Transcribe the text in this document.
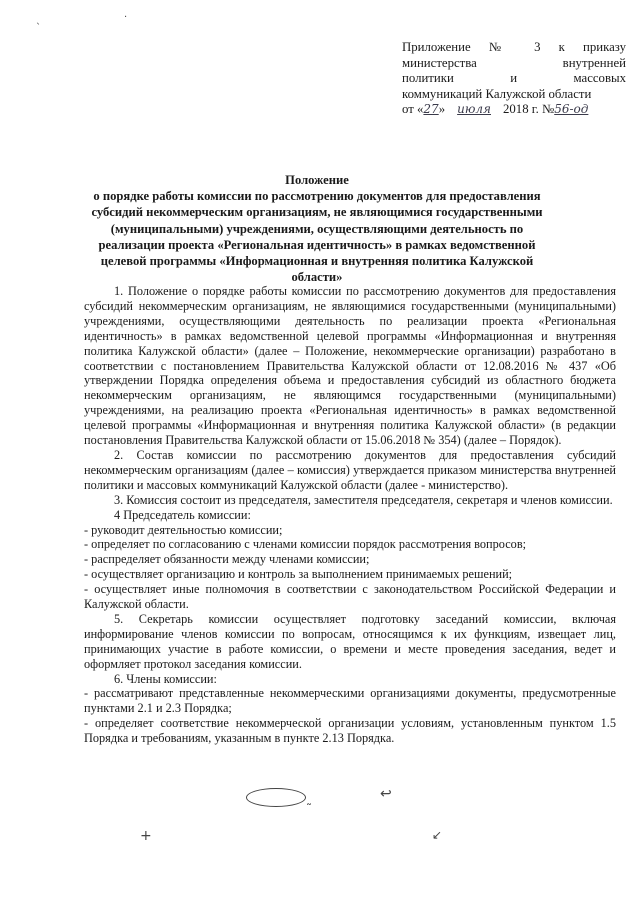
ˎ	·
Приложение № 3 к приказу
министерства внутренней
политики и массовых
коммуникаций Калужской области
от «27» июля 2018 г. №56-од
Положение
о порядке работы комиссии по рассмотрению документов для предоставления субсидий некоммерческим организациям, не являющимися государственными (муниципальными) учреждениями, осуществляющими деятельность по реализации проекта «Региональная идентичность» в рамках ведомственной целевой программы «Информационная и внутренняя политика Калужской области»

1. Положение о порядке работы комиссии по рассмотрению документов для предоставления субсидий некоммерческим организациям, не являющимися государственными (муниципальными) учреждениями, осуществляющими деятельность по реализации проекта «Региональная идентичность» в рамках ведомственной целевой программы «Информационная и внутренняя политика Калужской области» (далее – Положение, некоммерческие организации) разработано в соответствии с постановлением Правительства Калужской области от 12.08.2016 № 437 «Об утверждении Порядка определения объема и предоставления субсидий из областного бюджета некоммерческим организациям, не являющимся государственными (муниципальными) учреждениями, на реализацию проекта «Региональная идентичность» в рамках ведомственной целевой программы «Информационная и внутренняя политика Калужской области» (в редакции постановления Правительства Калужской области от 15.06.2018 № 354) (далее – Порядок).

2. Состав комиссии по рассмотрению документов для предоставления субсидий некоммерческим организациям (далее – комиссия) утверждается приказом министерства внутренней политики и массовых коммуникаций Калужской области (далее - министерство).

3. Комиссия состоит из председателя, заместителя председателя, секретаря и членов комиссии.

4 Председатель комиссии:

- руководит деятельностью комиссии;

- определяет по согласованию с членами комиссии порядок рассмотрения вопросов;

- распределяет обязанности между членами комиссии;

- осуществляет организацию и контроль за выполнением принимаемых решений;

- осуществляет иные полномочия в соответствии с законодательством Российской Федерации и Калужской области.

5. Секретарь комиссии осуществляет подготовку заседаний комиссии, включая информирование членов комиссии по вопросам, относящимся к их функциям, извещает лиц, принимающих участие в работе комиссии, о времени и месте проведения заседания, ведет и оформляет протокол заседания комиссии.

6. Члены комиссии:

- рассматривают представленные некоммерческими организациями документы, предусмотренные пунктами 2.1 и 2.3 Порядка;

- определяет соответствие некоммерческой организации условиям, установленным пунктом 1.5 Порядка и требованиям, указанным в пункте 2.13 Порядка.

↩
˜
+	↙
